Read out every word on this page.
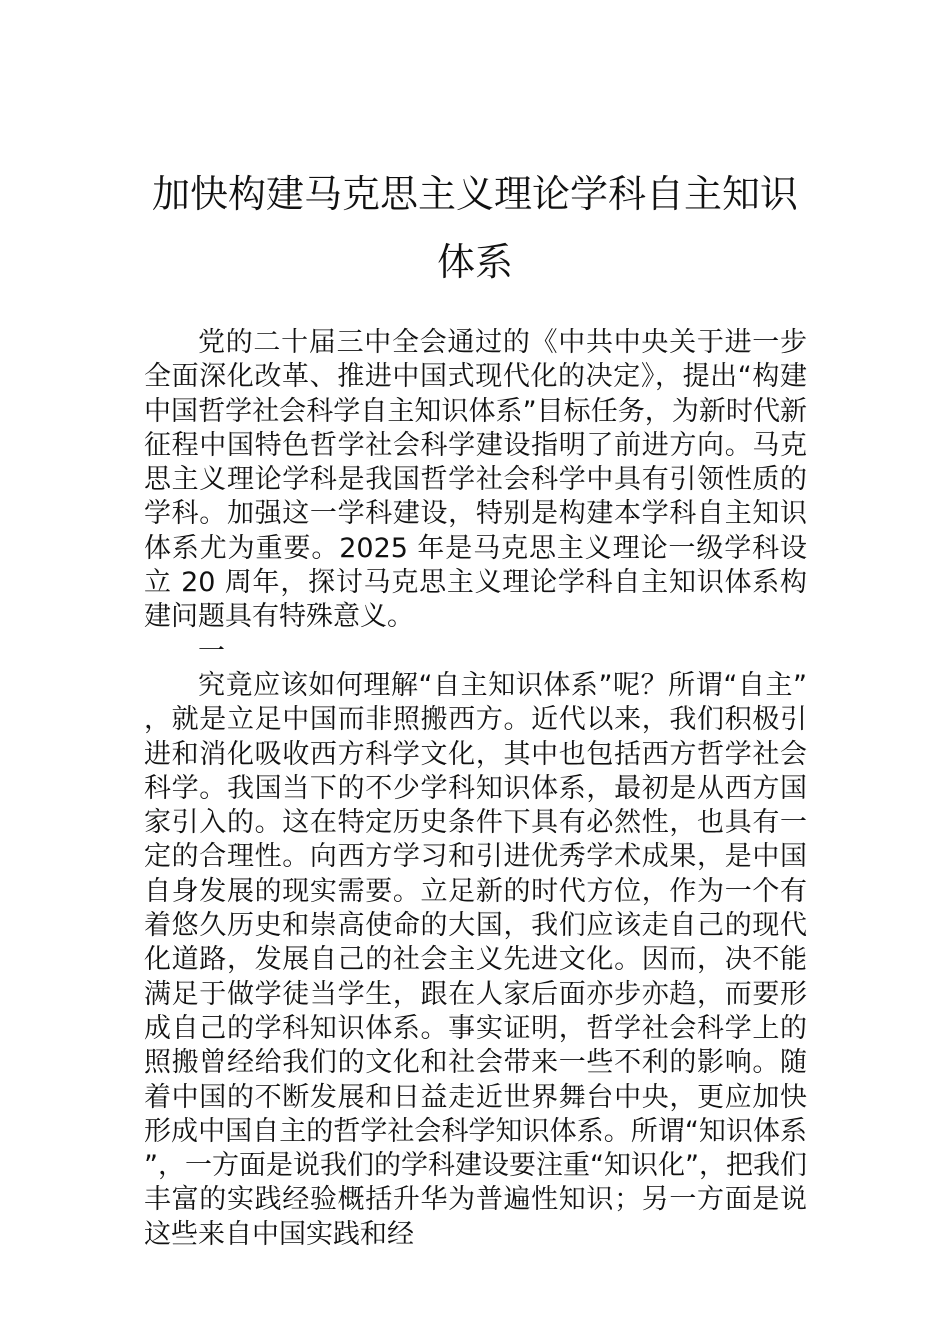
加快构建马克思主义理论学科自主知识体系

党的二十届三中全会通过的《中共中央关于进一步全面深化改革、推进中国式现代化的决定》，提出“构建中国哲学社会科学自主知识体系”目标任务，为新时代新征程中国特色哲学社会科学建设指明了前进方向。马克思主义理论学科是我国哲学社会科学中具有引领性质的学科。加强这一学科建设，特别是构建本学科自主知识体系尤为重要。2025 年是马克思主义理论一级学科设立 20 周年，探讨马克思主义理论学科自主知识体系构建问题具有特殊意义。

一

究竟应该如何理解“自主知识体系”呢？所谓“自主”，就是立足中国而非照搬西方。近代以来，我们积极引进和消化吸收西方科学文化，其中也包括西方哲学社会科学。我国当下的不少学科知识体系，最初是从西方国家引入的。这在特定历史条件下具有必然性，也具有一定的合理性。向西方学习和引进优秀学术成果，是中国自身发展的现实需要。立足新的时代方位，作为一个有着悠久历史和崇高使命的大国，我们应该走自己的现代化道路，发展自己的社会主义先进文化。因而，决不能满足于做学徒当学生，跟在人家后面亦步亦趋，而要形成自己的学科知识体系。事实证明，哲学社会科学上的照搬曾经给我们的文化和社会带来一些不利的影响。随着中国的不断发展和日益走近世界舞台中央，更应加快形成中国自主的哲学社会科学知识体系。所谓“知识体系”，一方面是说我们的学科建设要注重“知识化”，把我们丰富的实践经验概括升华为普遍性知识；另一方面是说这些来自中国实践和经
